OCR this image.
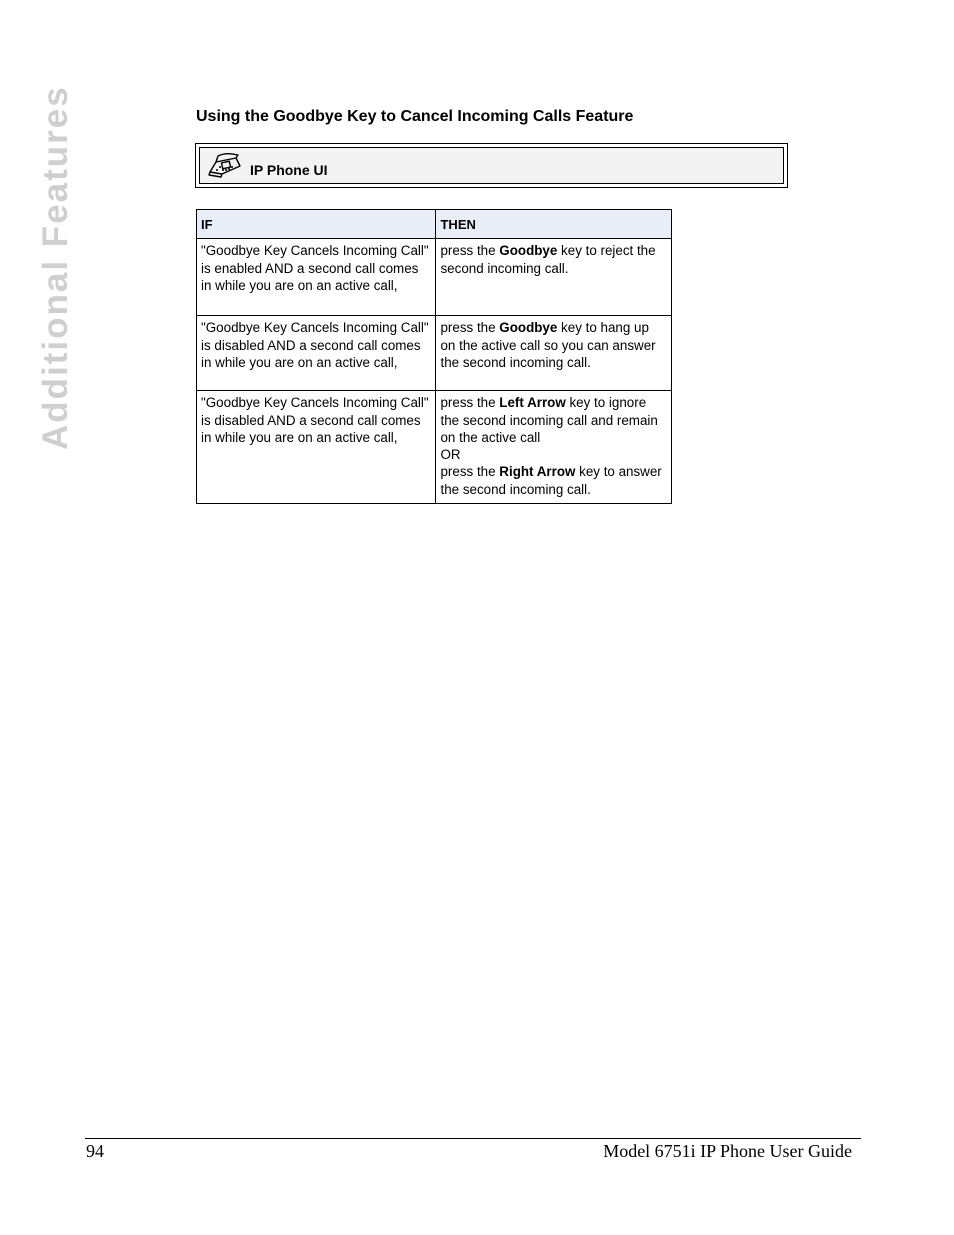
Additional Features	Using the Goodbye Key to Cancel Incoming Calls Feature
IP Phone UI
IF	THEN
"Goodbye Key Cancels Incoming Call" is enabled AND a second call comes in while you are on an active call,	press the Goodbye key to reject the second incoming call.
"Goodbye Key Cancels Incoming Call" is disabled AND a second call comes in while you are on an active call,	press the Goodbye key to hang up on the active call so you can answer the second incoming call.
"Goodbye Key Cancels Incoming Call" is disabled AND a second call comes in while you are on an active call,	press the Left Arrow key to ignore the second incoming call and remain on the active call
OR
press the Right Arrow key to answer the second incoming call.
94	Model 6751i IP Phone User Guide
